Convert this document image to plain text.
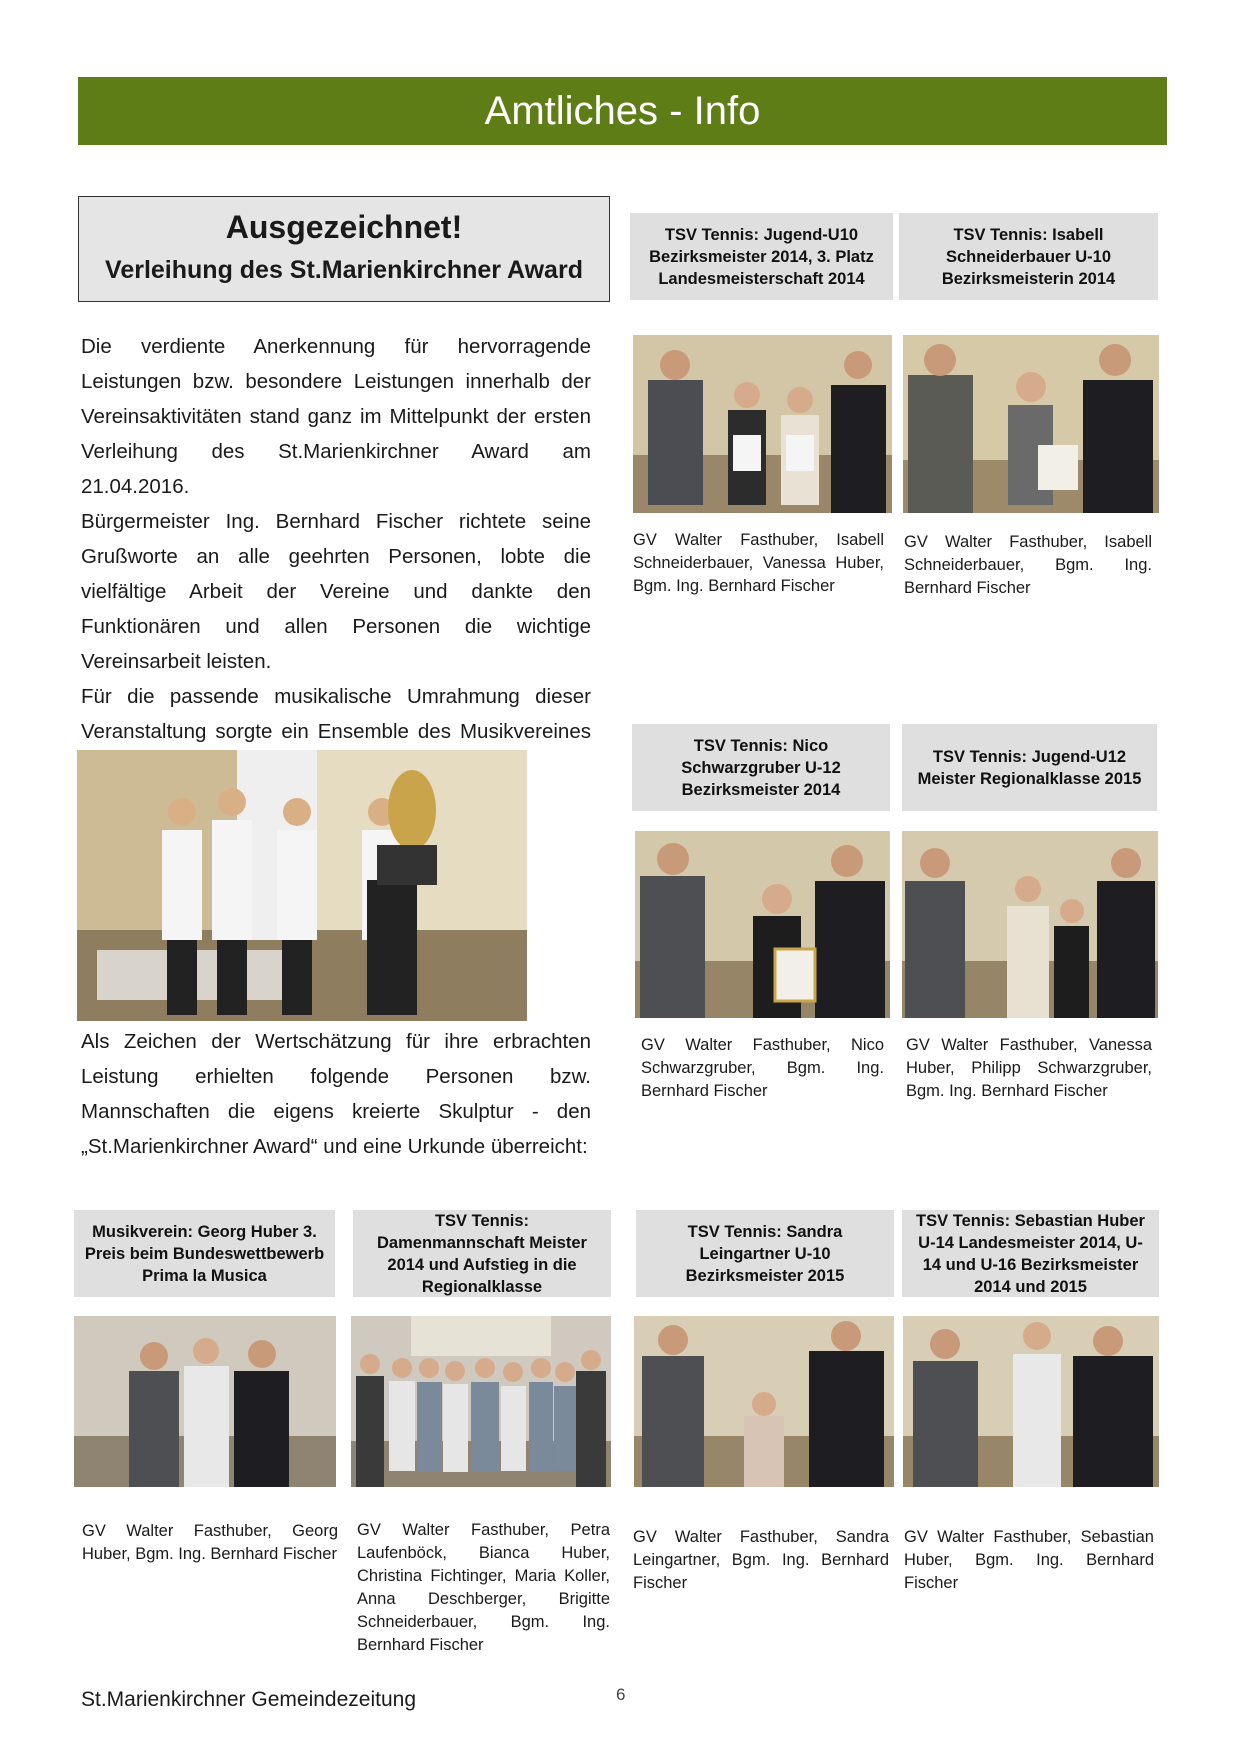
Amtliches - Info
Ausgezeichnet!
Verleihung des St.Marienkirchner Award
Die verdiente Anerkennung für hervorragende Leistungen bzw. besondere Leistungen innerhalb der Vereinsaktivitäten stand ganz im Mittelpunkt der ersten Verleihung des St.Marienkirchner Award am 21.04.2016.
Bürgermeister Ing. Bernhard Fischer richtete seine Grußworte an alle geehrten Personen, lobte die vielfältige Arbeit der Vereine und dankte den Funktionären und allen Personen die wichtige Vereinsarbeit leisten.
Für die passende musikalische Umrahmung dieser Veranstaltung sorgte ein Ensemble des Musikvereines
Als Zeichen der Wertschätzung für ihre erbrachten Leistung erhielten folgende Personen bzw. Mannschaften die eigens kreierte Skulptur - den „St.Marienkirchner Award“ und eine Urkunde überreicht:
TSV Tennis: Jugend-U10 Bezirksmeister 2014, 3. Platz Landesmeisterschaft 2014
GV Walter Fasthuber, Isabell Schneiderbauer, Vanessa Huber, Bgm. Ing. Bernhard Fischer
TSV Tennis: Isabell Schneiderbauer U-10 Bezirksmeisterin 2014
GV Walter Fasthuber, Isabell Schneiderbauer, Bgm. Ing. Bernhard Fischer
TSV Tennis: Nico Schwarzgruber U-12 Bezirksmeister 2014
GV Walter Fasthuber, Nico Schwarzgruber, Bgm. Ing. Bernhard Fischer
TSV Tennis: Jugend-U12 Meister Regionalklasse 2015
GV Walter Fasthuber, Vanessa Huber, Philipp Schwarzgruber, Bgm. Ing. Bernhard Fischer
Musikverein: Georg Huber 3. Preis beim Bundeswettbewerb Prima la Musica
GV Walter Fasthuber, Georg Huber, Bgm. Ing. Bernhard Fischer
TSV Tennis: Damenmannschaft Meister 2014 und Aufstieg in die Regionalklasse
GV Walter Fasthuber, Petra Laufenböck, Bianca Huber, Christina Fichtinger, Maria Koller, Anna Deschberger, Brigitte Schneiderbauer, Bgm. Ing. Bernhard Fischer
TSV Tennis: Sandra Leingartner U-10 Bezirksmeister 2015
GV Walter Fasthuber, Sandra Leingartner, Bgm. Ing. Bernhard Fischer
TSV Tennis: Sebastian Huber U-14 Landesmeister 2014, U-14 und U-16 Bezirksmeister 2014 und 2015
GV Walter Fasthuber, Sebastian Huber, Bgm. Ing. Bernhard Fischer
St.Marienkirchner Gemeindezeitung	6
